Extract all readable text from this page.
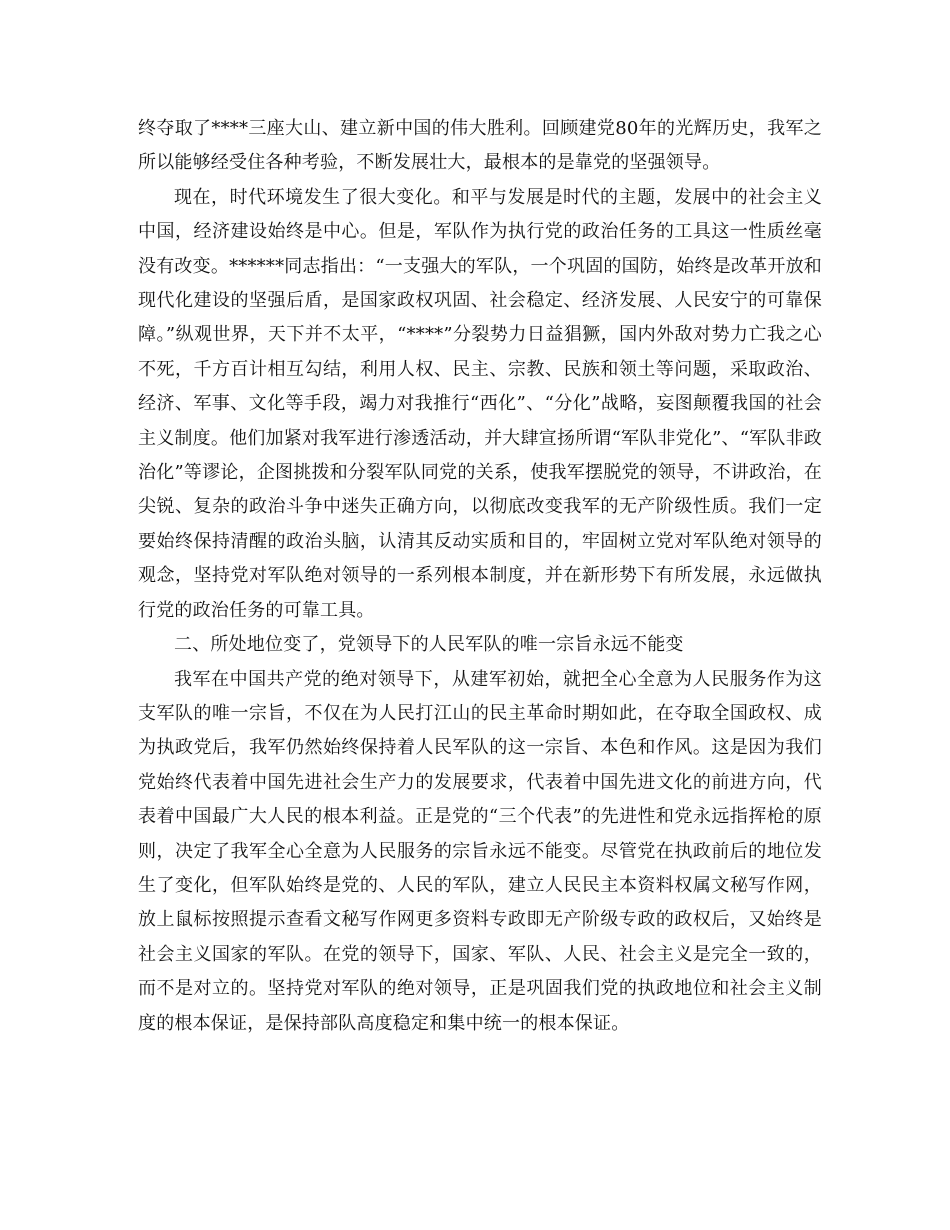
终夺取了****三座大山、建立新中国的伟大胜利。回顾建党80年的光辉历史，我军之所以能够经受住各种考验，不断发展壮大，最根本的是靠党的坚强领导。

现在，时代环境发生了很大变化。和平与发展是时代的主题，发展中的社会主义中国，经济建设始终是中心。但是，军队作为执行党的政治任务的工具这一性质丝毫没有改变。******同志指出：“一支强大的军队，一个巩固的国防，始终是改革开放和现代化建设的坚强后盾，是国家政权巩固、社会稳定、经济发展、人民安宁的可靠保障。”纵观世界，天下并不太平，“****”分裂势力日益猖獗，国内外敌对势力亡我之心不死，千方百计相互勾结，利用人权、民主、宗教、民族和领土等问题，采取政治、经济、军事、文化等手段，竭力对我推行“西化”、“分化”战略，妄图颠覆我国的社会主义制度。他们加紧对我军进行渗透活动，并大肆宣扬所谓“军队非党化”、“军队非政治化”等谬论，企图挑拨和分裂军队同党的关系，使我军摆脱党的领导，不讲政治，在尖锐、复杂的政治斗争中迷失正确方向，以彻底改变我军的无产阶级性质。我们一定要始终保持清醒的政治头脑，认清其反动实质和目的，牢固树立党对军队绝对领导的观念，坚持党对军队绝对领导的一系列根本制度，并在新形势下有所发展，永远做执行党的政治任务的可靠工具。

二、所处地位变了，党领导下的人民军队的唯一宗旨永远不能变

我军在中国共产党的绝对领导下，从建军初始，就把全心全意为人民服务作为这支军队的唯一宗旨，不仅在为人民打江山的民主革命时期如此，在夺取全国政权、成为执政党后，我军仍然始终保持着人民军队的这一宗旨、本色和作风。这是因为我们党始终代表着中国先进社会生产力的发展要求，代表着中国先进文化的前进方向，代表着中国最广大人民的根本利益。正是党的“三个代表”的先进性和党永远指挥枪的原则，决定了我军全心全意为人民服务的宗旨永远不能变。尽管党在执政前后的地位发生了变化，但军队始终是党的、人民的军队，建立人民民主本资料权属文秘写作网，放上鼠标按照提示查看文秘写作网更多资料专政即无产阶级专政的政权后，又始终是社会主义国家的军队。在党的领导下，国家、军队、人民、社会主义是完全一致的，而不是对立的。坚持党对军队的绝对领导，正是巩固我们党的执政地位和社会主义制度的根本保证，是保持部队高度稳定和集中统一的根本保证。
